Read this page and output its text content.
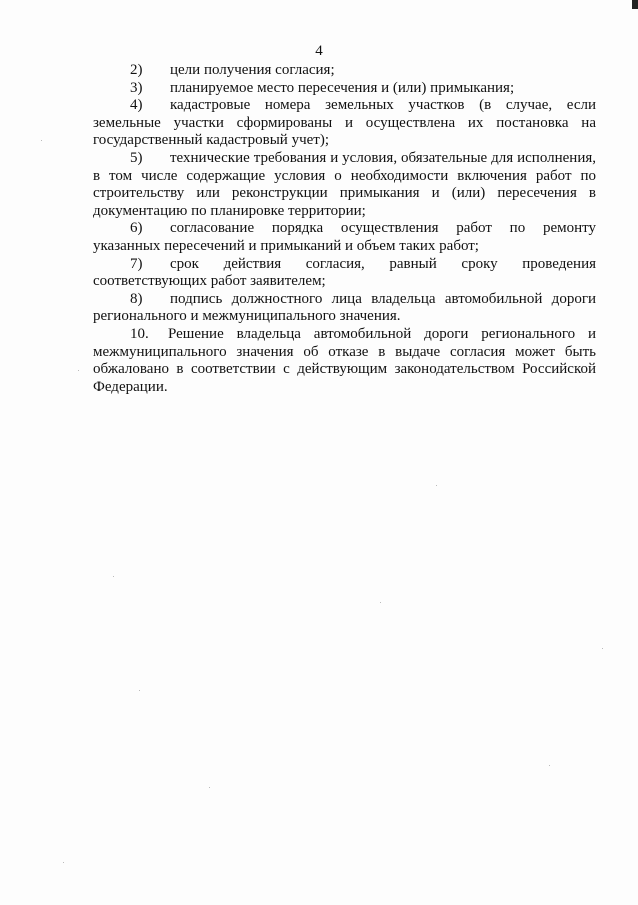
4

2) цели получения согласия;

3) планируемое место пересечения и (или) примыкания;

4) кадастровые номера земельных участков (в случае, если земельные участки сформированы и осуществлена их постановка на государственный кадастровый учет);

5) технические требования и условия, обязательные для исполнения, в том числе содержащие условия о необходимости включения работ по строительству или реконструкции примыкания и (или) пересечения в документацию по планировке территории;

6) согласование порядка осуществления работ по ремонту указанных пересечений и примыканий и объем таких работ;

7) срок действия согласия, равный сроку проведения соответствующих работ заявителем;

8) подпись должностного лица владельца автомобильной дороги регионального и межмуниципального значения.

10. Решение владельца автомобильной дороги регионального и межмуниципального значения об отказе в выдаче согласия может быть обжаловано в соответствии с действующим законодательством Российской Федерации.
